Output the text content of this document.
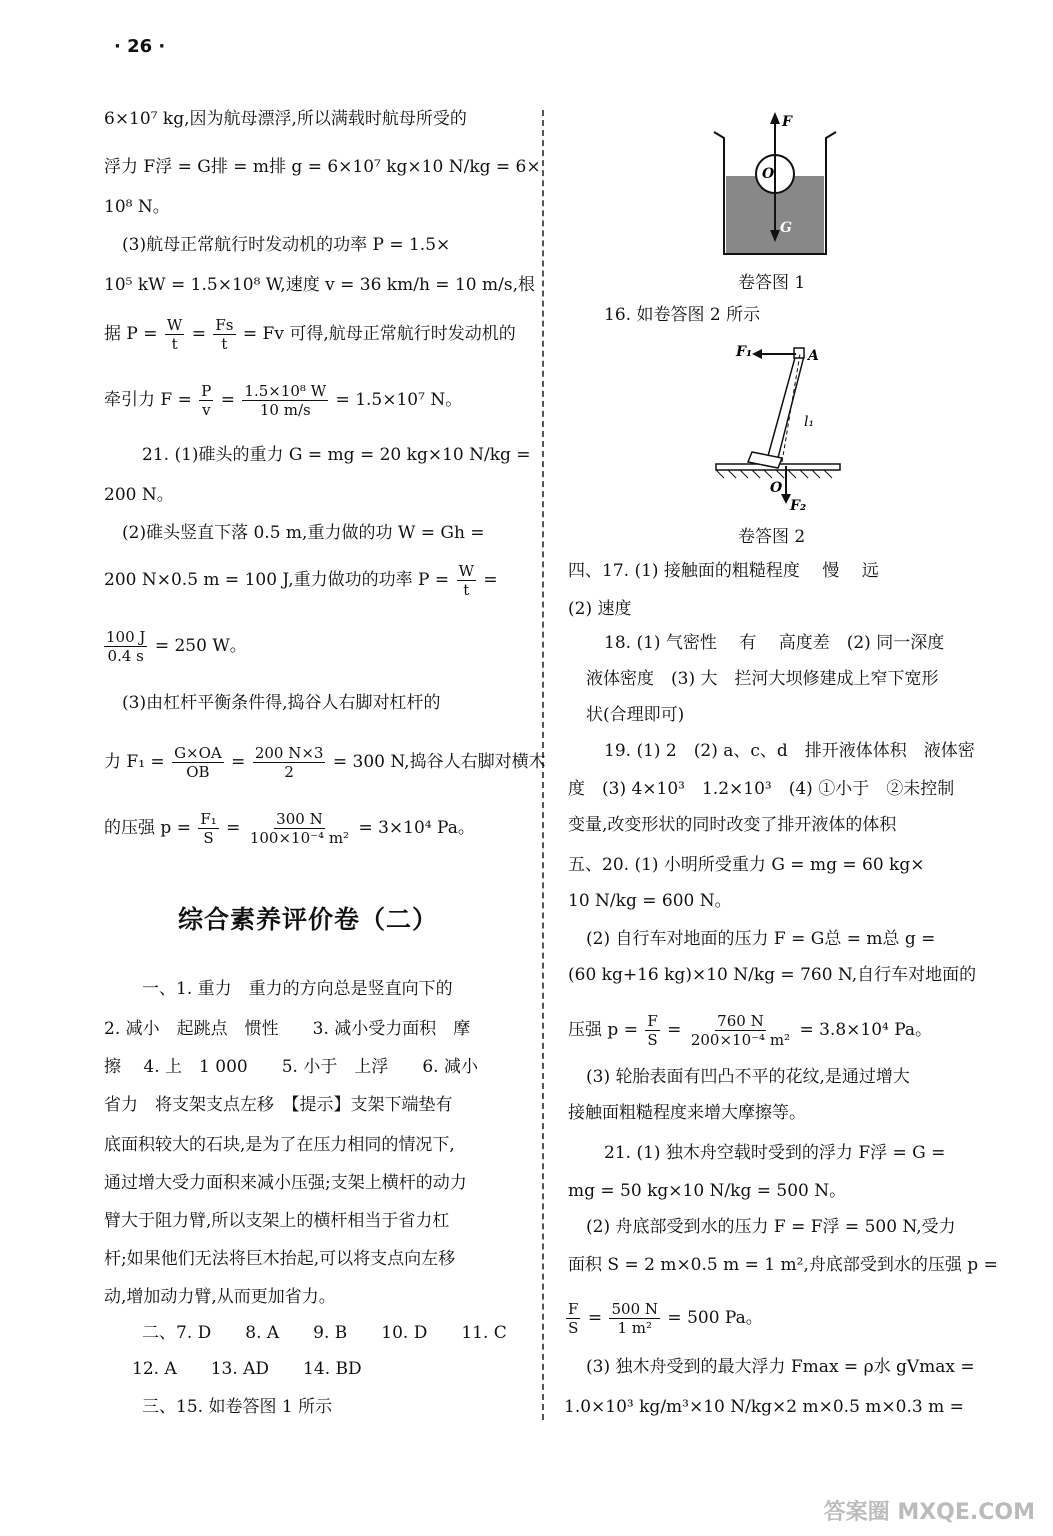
· 26 ·
6×10⁷ kg,因为航母漂浮,所以满载时航母所受的
浮力 F浮 = G排 = m排 g = 6×10⁷ kg×10 N/kg = 6×
10⁸ N。
(3)航母正常航行时发动机的功率 P = 1.5×
10⁵ kW = 1.5×10⁸ W,速度 v = 36 km/h = 10 m/s,根
据 $P = \frac{W}{t} = \frac{Fs}{t} = Fv$ 可得,航母正常航行时发动机的
牵引力 $F = \frac{P}{v} = \frac{\text{1.5×10⁸ W}}{10 m/s} = 1.5\times 10^7$ N。
21. (1)碓头的重力 G = mg = 20 kg×10 N/kg =
200 N。
(2)碓头竖直下落 0.5 m,重力做的功 W = Gh =
200 N×0.5 m = 100 J,重力做功的功率 $P = \frac{W}{t}$ =
$\frac{100 J}{0.4 s} = 250$ W。
(3)由杠杆平衡条件得,捣谷人右脚对杠杆的
力 $F_1 = \frac{G\times OA}{OB} = \frac{200 N\times 3}{2} = 300$ N,捣谷人右脚对横木
的压强 $p = \frac{\text{F₁}}{S} = \frac{300 N}{\text{100×10⁻⁴ m²}} = 3\times 10^4$ Pa。
综合素养评价卷（二）
一、1. 重力　重力的方向总是竖直向下的
2. 减小　起跳点　惯性　　3. 减小受力面积　摩
擦　 4. 上　1 000　　5. 小于　上浮　　6. 减小
省力　将支架支点左移　【提示】支架下端垫有
底面积较大的石块,是为了在压力相同的情况下,
通过增大受力面积来减小压强;支架上横杆的动力
臂大于阻力臂,所以支架上的横杆相当于省力杠
杆;如果他们无法将巨木抬起,可以将支点向左移
动,增加动力臂,从而更加省力。
二、7. D　　8. A　　9. B　　10. D　　11. C
12. A　　13. AD　　14. BD
三、15. 如卷答图 1 所示
F
O
G
卷答图 1
16. 如卷答图 2 所示
F₁	A
l₁
O
F₂
卷答图 2
四、17. (1) 接触面的粗糙程度　 慢　 远
(2) 速度
18. (1) 气密性　 有　 高度差　(2) 同一深度
液体密度　(3) 大　拦河大坝修建成上窄下宽形
状(合理即可)
19. (1) 2　(2) a、c、d　排开液体体积　液体密
度　(3) 4×10³　1.2×10³　(4) ①小于　②未控制
变量,改变形状的同时改变了排开液体的体积
五、20. (1) 小明所受重力 G = mg = 60 kg×
10 N/kg = 600 N。
(2) 自行车对地面的压力 F = G总 = m总 g =
(60 kg+16 kg)×10 N/kg = 760 N,自行车对地面的
压强 $p = \frac{F}{S} = \frac{760 N}{\text{200×10⁻⁴ m²}} = 3.8\times 10^4$ Pa。
(3) 轮胎表面有凹凸不平的花纹,是通过增大
接触面粗糙程度来增大摩擦等。
21. (1) 独木舟空载时受到的浮力 F浮 = G =
mg = 50 kg×10 N/kg = 500 N。
(2) 舟底部受到水的压力 F = F浮 = 500 N,受力
面积 S = 2 m×0.5 m = 1 m²,舟底部受到水的压强 p =
$\frac{F}{S} = \frac{500 N}{\text{1 m²}} = 500$ Pa。
(3) 独木舟受到的最大浮力 Fmax = ρ水 gVmax =
1.0×10³ kg/m³×10 N/kg×2 m×0.5 m×0.3 m =
答案圈 MXQE.COM
